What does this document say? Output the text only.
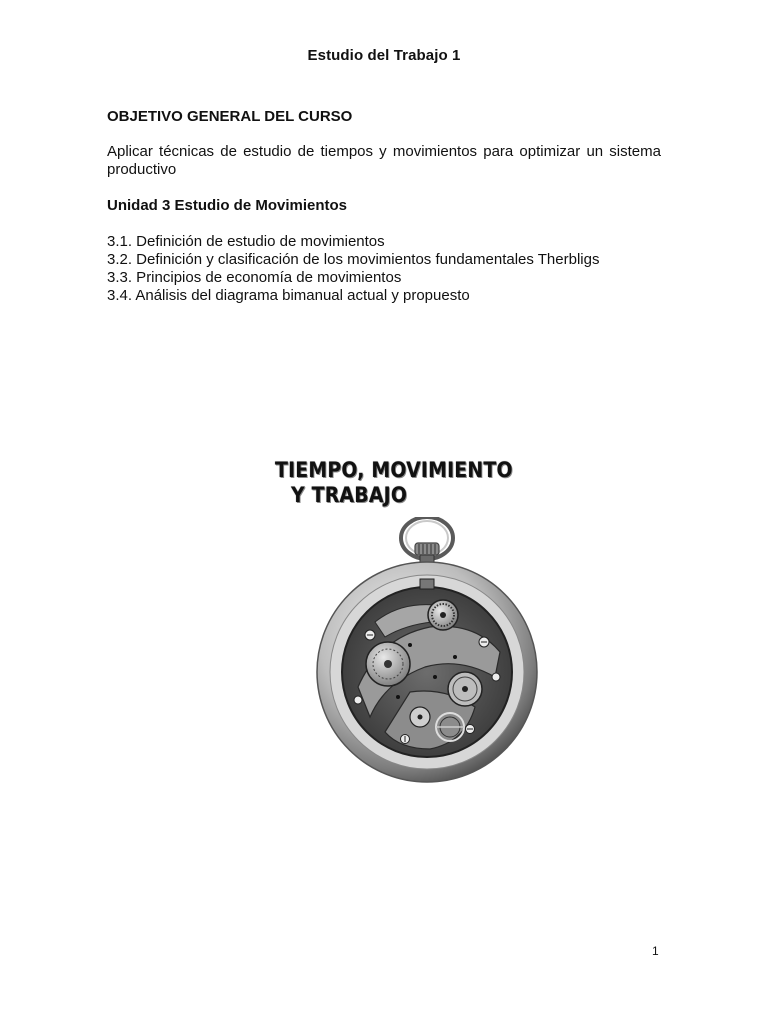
Estudio del Trabajo 1
OBJETIVO GENERAL DEL CURSO
Aplicar técnicas de estudio de tiempos y movimientos para optimizar un sistema
productivo
Unidad 3 Estudio de Movimientos
3.1. Definición de estudio de movimientos
3.2. Definición y clasificación de los movimientos fundamentales Therbligs
3.3. Principios de economía de movimientos
3.4. Análisis del diagrama bimanual actual y propuesto
TIEMPO, MOVIMIENTO
Y TRABAJO
1
